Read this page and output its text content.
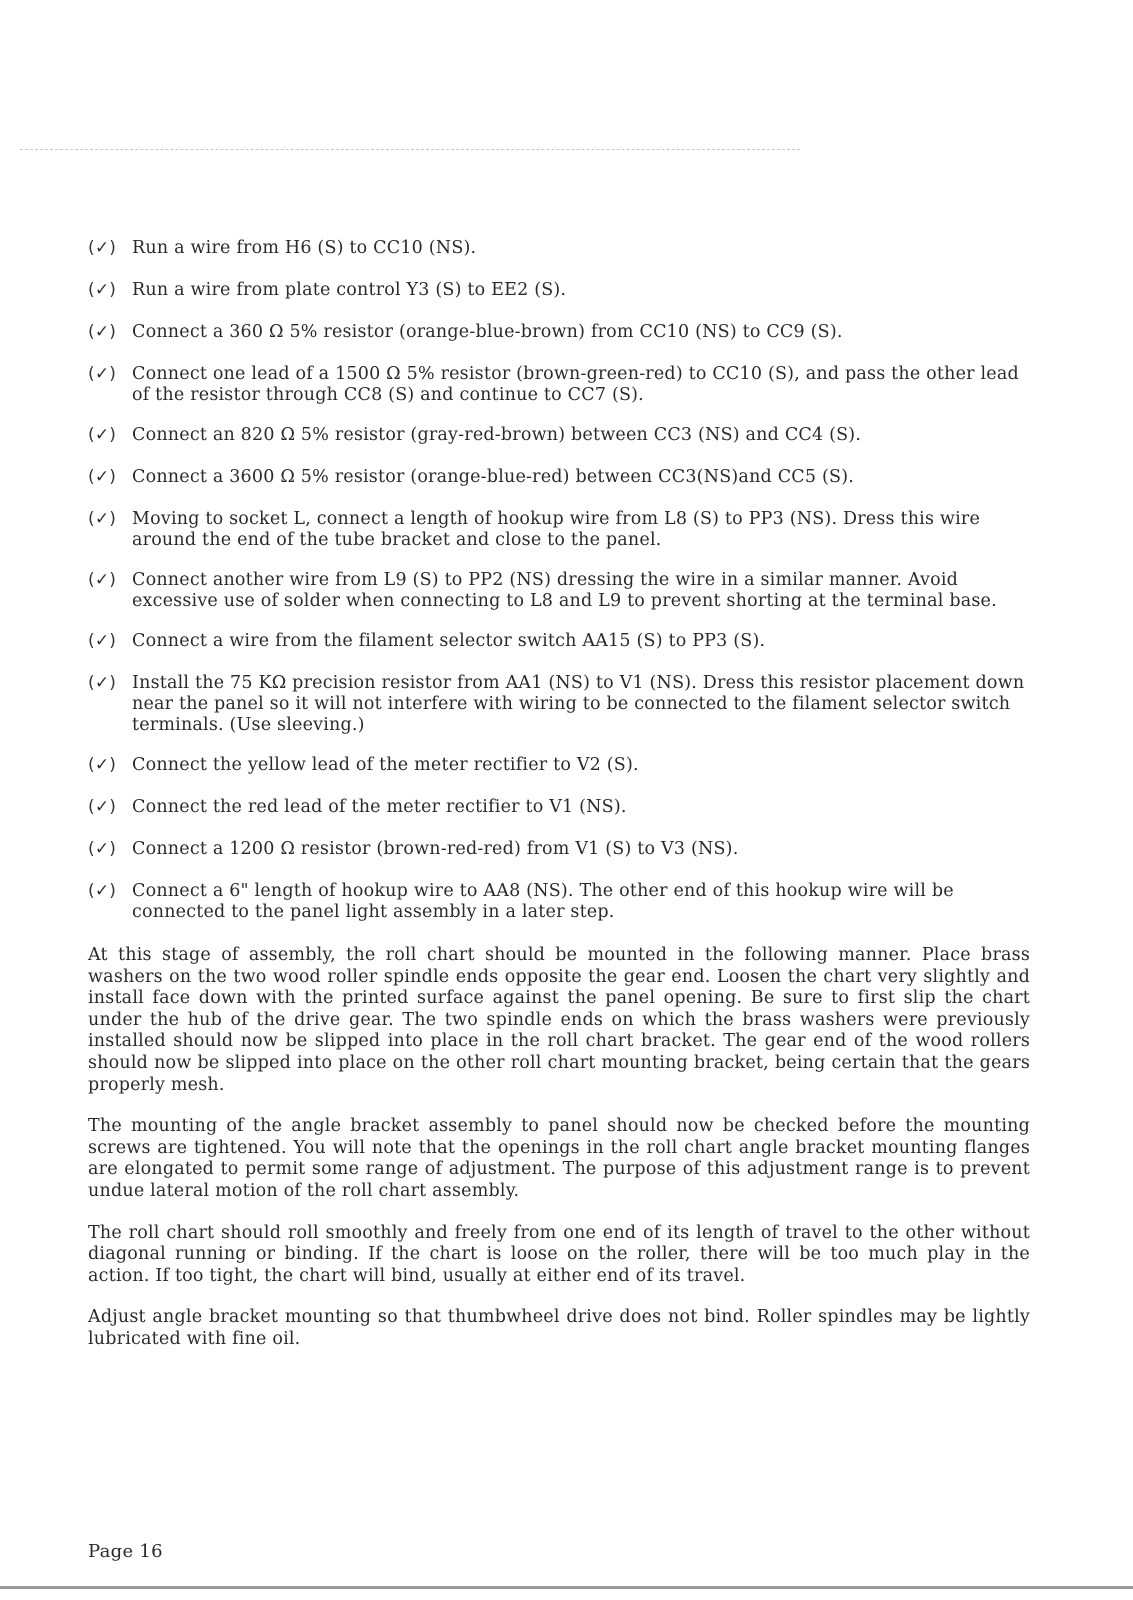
(✓) Run a wire from H6 (S) to CC10 (NS).
(✓) Run a wire from plate control Y3 (S) to EE2 (S).
(✓) Connect a 360 Ω 5% resistor (orange-blue-brown) from CC10 (NS) to CC9 (S).
(✓) Connect one lead of a 1500 Ω 5% resistor (brown-green-red) to CC10 (S), and pass the other lead of the resistor through CC8 (S) and continue to CC7 (S).
(✓) Connect an 820 Ω 5% resistor (gray-red-brown) between CC3 (NS) and CC4 (S).
(✓) Connect a 3600 Ω 5% resistor (orange-blue-red) between CC3(NS)and CC5 (S).
(✓) Moving to socket L, connect a length of hookup wire from L8 (S) to PP3 (NS). Dress this wire around the end of the tube bracket and close to the panel.
(✓) Connect another wire from L9 (S) to PP2 (NS) dressing the wire in a similar manner. Avoid excessive use of solder when connecting to L8 and L9 to prevent shorting at the terminal base.
(✓) Connect a wire from the filament selector switch AA15 (S) to PP3 (S).
(✓) Install the 75 KΩ precision resistor from AA1 (NS) to V1 (NS). Dress this resistor placement down near the panel so it will not interfere with wiring to be connected to the filament selector switch terminals. (Use sleeving.)
(✓) Connect the yellow lead of the meter rectifier to V2 (S).
(✓) Connect the red lead of the meter rectifier to V1 (NS).
(✓) Connect a 1200 Ω resistor (brown-red-red) from V1 (S) to V3 (NS).
(✓) Connect a 6" length of hookup wire to AA8 (NS). The other end of this hookup wire will be connected to the panel light assembly in a later step.

At this stage of assembly, the roll chart should be mounted in the following manner. Place brass washers on the two wood roller spindle ends opposite the gear end. Loosen the chart very slightly and install face down with the printed surface against the panel opening. Be sure to first slip the chart under the hub of the drive gear. The two spindle ends on which the brass washers were previously installed should now be slipped into place in the roll chart bracket. The gear end of the wood rollers should now be slipped into place on the other roll chart mounting bracket, being certain that the gears properly mesh.

The mounting of the angle bracket assembly to panel should now be checked before the mounting screws are tightened. You will note that the openings in the roll chart angle bracket mounting flanges are elongated to permit some range of adjustment. The purpose of this adjustment range is to prevent undue lateral motion of the roll chart assembly.

The roll chart should roll smoothly and freely from one end of its length of travel to the other without diagonal running or binding. If the chart is loose on the roller, there will be too much play in the action. If too tight, the chart will bind, usually at either end of its travel.

Adjust angle bracket mounting so that thumbwheel drive does not bind. Roller spindles may be lightly lubricated with fine oil.

Page 16
